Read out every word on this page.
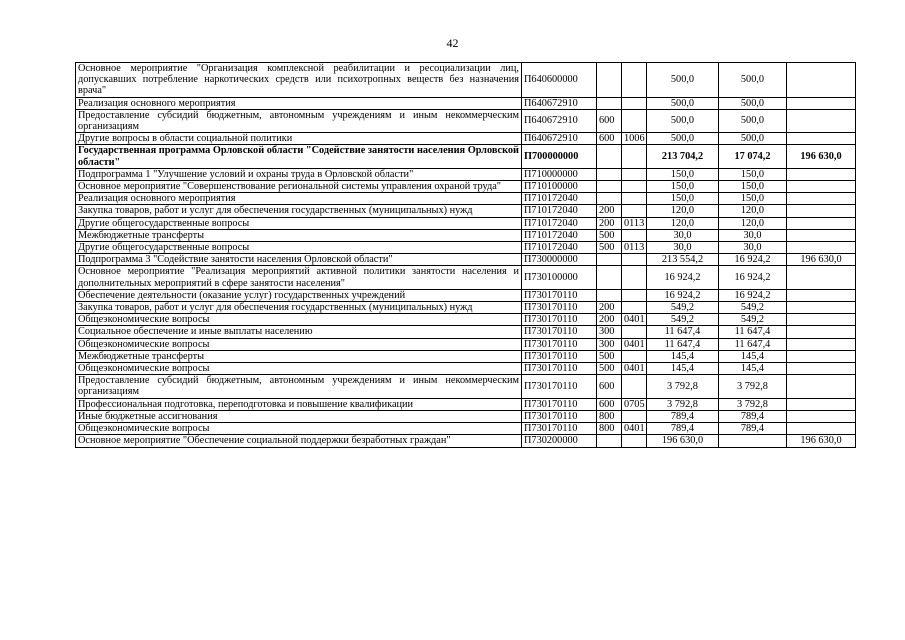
42
Основное мероприятие "Организация комплексной реабилитации и ресоциализации лиц, допускавших потребление наркотических средств или психотропных веществ без назначения врача"	П640600000			500,0	500,0	
Реализация основного мероприятия	П640672910			500,0	500,0	
Предоставление субсидий бюджетным, автономным учреждениям и иным некоммерческим организациям	П640672910	600		500,0	500,0	
Другие вопросы в области социальной политики	П640672910	600	1006	500,0	500,0	
Государственная программа Орловской области "Содействие занятости населения Орловской области"	П700000000			213 704,2	17 074,2	196 630,0
Подпрограмма 1 "Улучшение условий и охраны труда в Орловской области"	П710000000			150,0	150,0	
Основное мероприятие "Совершенствование региональной системы управления охраной труда"	П710100000			150,0	150,0	
Реализация основного мероприятия	П710172040			150,0	150,0	
Закупка товаров, работ и услуг для обеспечения государственных (муниципальных) нужд	П710172040	200		120,0	120,0	
Другие общегосударственные вопросы	П710172040	200	0113	120,0	120,0	
Межбюджетные трансферты	П710172040	500		30,0	30,0	
Другие общегосударственные вопросы	П710172040	500	0113	30,0	30,0	
Подпрограмма 3 "Содействие занятости населения Орловской области"	П730000000			213 554,2	16 924,2	196 630,0
Основное мероприятие "Реализация мероприятий активной политики занятости населения и дополнительных мероприятий в сфере занятости населения"	П730100000			16 924,2	16 924,2	
Обеспечение деятельности (оказание услуг) государственных учреждений	П730170110			16 924,2	16 924,2	
Закупка товаров, работ и услуг для обеспечения государственных (муниципальных) нужд	П730170110	200		549,2	549,2	
Общеэкономические вопросы	П730170110	200	0401	549,2	549,2	
Социальное обеспечение и иные выплаты населению	П730170110	300		11 647,4	11 647,4	
Общеэкономические вопросы	П730170110	300	0401	11 647,4	11 647,4	
Межбюджетные трансферты	П730170110	500		145,4	145,4	
Общеэкономические вопросы	П730170110	500	0401	145,4	145,4	
Предоставление субсидий бюджетным, автономным учреждениям и иным некоммерческим организациям	П730170110	600		3 792,8	3 792,8	
Профессиональная подготовка, переподготовка и повышение квалификации	П730170110	600	0705	3 792,8	3 792,8	
Иные бюджетные ассигнования	П730170110	800		789,4	789,4	
Общеэкономические вопросы	П730170110	800	0401	789,4	789,4	
Основное мероприятие "Обеспечение социальной поддержки безработных граждан"	П730200000			196 630,0		196 630,0
